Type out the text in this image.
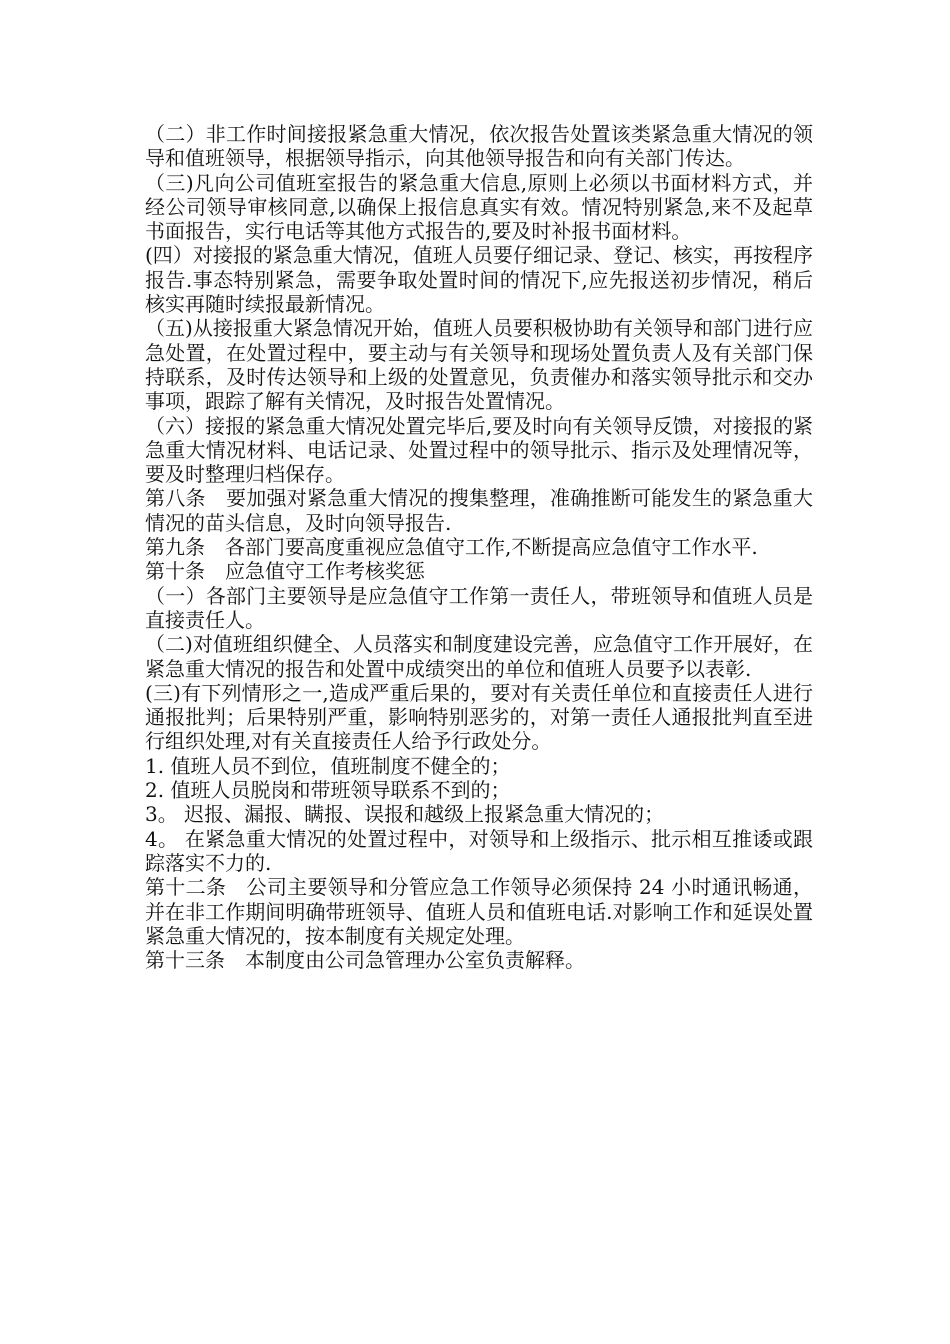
（二）非工作时间接报紧急重大情况，依次报告处置该类紧急重大情况的领导和值班领导，根据领导指示，向其他领导报告和向有关部门传达。

（三)凡向公司值班室报告的紧急重大信息,原则上必须以书面材料方式，并经公司领导审核同意,以确保上报信息真实有效。情况特别紧急,来不及起草书面报告，实行电话等其他方式报告的,要及时补报书面材料。

(四）对接报的紧急重大情况，值班人员要仔细记录、登记、核实，再按程序报告.事态特别紧急，需要争取处置时间的情况下,应先报送初步情况，稍后核实再随时续报最新情况。

（五)从接报重大紧急情况开始，值班人员要积极协助有关领导和部门进行应急处置，在处置过程中，要主动与有关领导和现场处置负责人及有关部门保持联系，及时传达领导和上级的处置意见，负责催办和落实领导批示和交办事项，跟踪了解有关情况，及时报告处置情况。

（六）接报的紧急重大情况处置完毕后,要及时向有关领导反馈，对接报的紧急重大情况材料、电话记录、处置过程中的领导批示、指示及处理情况等，要及时整理归档保存。

第八条　要加强对紧急重大情况的搜集整理，准确推断可能发生的紧急重大情况的苗头信息，及时向领导报告.

第九条　各部门要高度重视应急值守工作,不断提高应急值守工作水平.

第十条　应急值守工作考核奖惩

（一）各部门主要领导是应急值守工作第一责任人，带班领导和值班人员是直接责任人。

（二)对值班组织健全、人员落实和制度建设完善，应急值守工作开展好，在紧急重大情况的报告和处置中成绩突出的单位和值班人员要予以表彰.

(三)有下列情形之一,造成严重后果的，要对有关责任单位和直接责任人进行通报批判；后果特别严重，影响特别恶劣的，对第一责任人通报批判直至进行组织处理,对有关直接责任人给予行政处分。

1. 值班人员不到位，值班制度不健全的；

2. 值班人员脱岗和带班领导联系不到的；

3。 迟报、漏报、瞒报、误报和越级上报紧急重大情况的；

4。 在紧急重大情况的处置过程中，对领导和上级指示、批示相互推诿或跟踪落实不力的.

第十二条　公司主要领导和分管应急工作领导必须保持 24 小时通讯畅通，并在非工作期间明确带班领导、值班人员和值班电话.对影响工作和延误处置紧急重大情况的，按本制度有关规定处理。

第十三条　本制度由公司急管理办公室负责解释。
